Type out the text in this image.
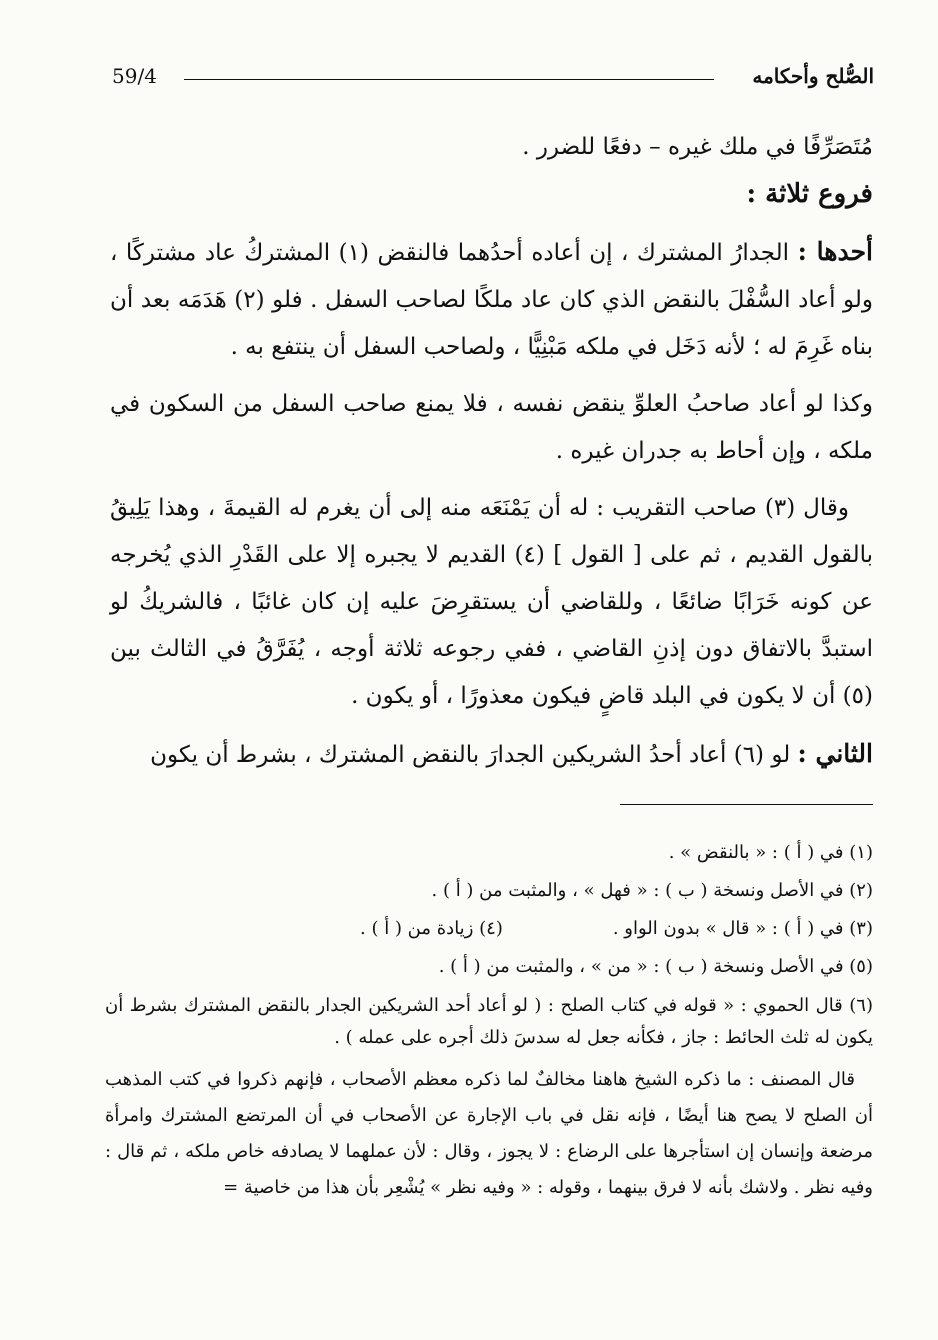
الصُّلح وأحكامه
59/4

مُتَصَرِّفًا في ملك غيره – دفعًا للضرر .

فروع ثلاثة :

أحدها : الجدارُ المشترك ، إن أعاده أحدُهما فالنقض (١) المشتركُ عاد مشتركًا ، ولو أعاد السُّفْلَ بالنقض الذي كان عاد ملكًا لصاحب السفل . فلو (٢) هَدَمَه بعد أن بناه غَرِمَ له ؛ لأنه دَخَل في ملكه مَبْنِيًّا ، ولصاحب السفل أن ينتفع به .

وكذا لو أعاد صاحبُ العلوِّ ينقض نفسه ، فلا يمنع صاحب السفل من السكون في ملكه ، وإن أحاط به جدران غيره .

وقال (٣) صاحب التقريب : له أن يَمْنَعَه منه إلى أن يغرم له القيمةَ ، وهذا يَلِيقُ بالقول القديم ، ثم على [ القول ] (٤) القديم لا يجبره إلا على القَدْرِ الذي يُخرجه عن كونه خَرَابًا ضائعًا ، وللقاضي أن يستقرِضَ عليه إن كان غائبًا ، فالشريكُ لو استبدَّ بالاتفاق دون إذنِ القاضي ، ففي رجوعه ثلاثة أوجه ، يُفَرَّقُ في الثالث بين (٥) أن لا يكون في البلد قاضٍ فيكون معذورًا ، أو يكون .

الثاني : لو (٦) أعاد أحدُ الشريكين الجدارَ بالنقض المشترك ، بشرط أن يكون

(١) في ( أ ) : « بالنقض » .

(٢) في الأصل ونسخة ( ب ) : « فهل » ، والمثبت من ( أ ) .

(٣) في ( أ ) : « قال » بدون الواو .
(٤) زيادة من ( أ ) .

(٥) في الأصل ونسخة ( ب ) : « من » ، والمثبت من ( أ ) .

(٦) قال الحموي : « قوله في كتاب الصلح : ( لو أعاد أحد الشريكين الجدار بالنقض المشترك بشرط أن يكون له ثلث الحائط : جاز ، فكأنه جعل له سدسَ ذلك أجره على عمله ) .

قال المصنف : ما ذكره الشيخ هاهنا مخالفٌ لما ذكره معظم الأصحاب ، فإنهم ذكروا في كتب المذهب أن الصلح لا يصح هنا أيضًا ، فإنه نقل في باب الإجارة عن الأصحاب في أن المرتضع المشترك وامرأة مرضعة وإنسان إن استأجرها على الرضاع : لا يجوز ، وقال : لأن عملهما لا يصادفه خاص ملكه ، ثم قال : وفيه نظر . ولاشك بأنه لا فرق بينهما ، وقوله : « وفيه نظر » يُشْعِر بأن هذا من خاصية =
